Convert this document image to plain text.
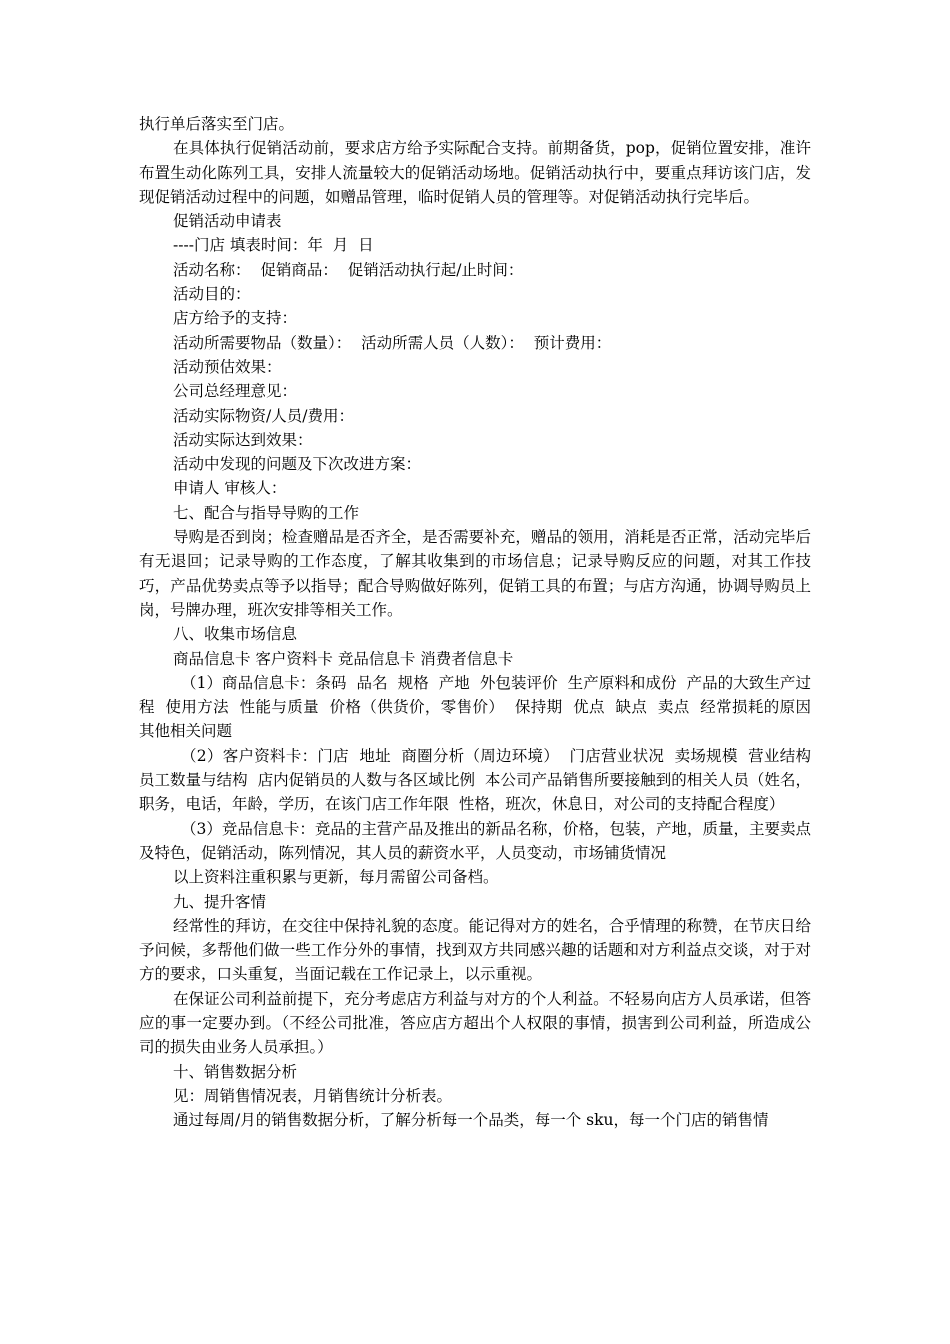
执行单后落实至门店。
在具体执行促销活动前，要求店方给予实际配合支持。前期备货，pop，促销位置安排，准许布置生动化陈列工具，安排人流量较大的促销活动场地。促销活动执行中，要重点拜访该门店，发现促销活动过程中的问题，如赠品管理，临时促销人员的管理等。对促销活动执行完毕后。
促销活动申请表
----门店 填表时间：年  月  日
活动名称：  促销商品：  促销活动执行起/止时间：
活动目的：
店方给予的支持：
活动所需要物品（数量）：  活动所需人员（人数）：  预计费用：
活动预估效果：
公司总经理意见：
活动实际物资/人员/费用：
活动实际达到效果：
活动中发现的问题及下次改进方案：
申请人 审核人：
七、配合与指导导购的工作
导购是否到岗；检查赠品是否齐全，是否需要补充，赠品的领用，消耗是否正常，活动完毕后有无退回；记录导购的工作态度，了解其收集到的市场信息；记录导购反应的问题，对其工作技巧，产品优势卖点等予以指导；配合导购做好陈列，促销工具的布置；与店方沟通，协调导购员上岗，号牌办理，班次安排等相关工作。
八、收集市场信息
商品信息卡 客户资料卡 竞品信息卡 消费者信息卡
（1）商品信息卡：条码  品名  规格  产地  外包装评价  生产原料和成份  产品的大致生产过程  使用方法  性能与质量  价格（供货价，零售价）  保持期  优点  缺点  卖点  经常损耗的原因  其他相关问题
（2）客户资料卡：门店  地址  商圈分析（周边环境）  门店营业状况  卖场规模  营业结构  员工数量与结构  店内促销员的人数与各区域比例  本公司产品销售所要接触到的相关人员（姓名，职务，电话，年龄，学历，在该门店工作年限  性格，班次，休息日，对公司的支持配合程度）
（3）竞品信息卡：竞品的主营产品及推出的新品名称，价格，包装，产地，质量，主要卖点及特色，促销活动，陈列情况，其人员的薪资水平，人员变动，市场铺货情况
以上资料注重积累与更新，每月需留公司备档。
九、提升客情
经常性的拜访，在交往中保持礼貌的态度。能记得对方的姓名，合乎情理的称赞，在节庆日给予问候，多帮他们做一些工作分外的事情，找到双方共同感兴趣的话题和对方利益点交谈，对于对方的要求，口头重复，当面记载在工作记录上，以示重视。
在保证公司利益前提下，充分考虑店方利益与对方的个人利益。不轻易向店方人员承诺，但答应的事一定要办到。（不经公司批准，答应店方超出个人权限的事情，损害到公司利益，所造成公司的损失由业务人员承担。）
十、销售数据分析
见：周销售情况表，月销售统计分析表。
通过每周/月的销售数据分析，了解分析每一个品类，每一个 sku，每一个门店的销售情
